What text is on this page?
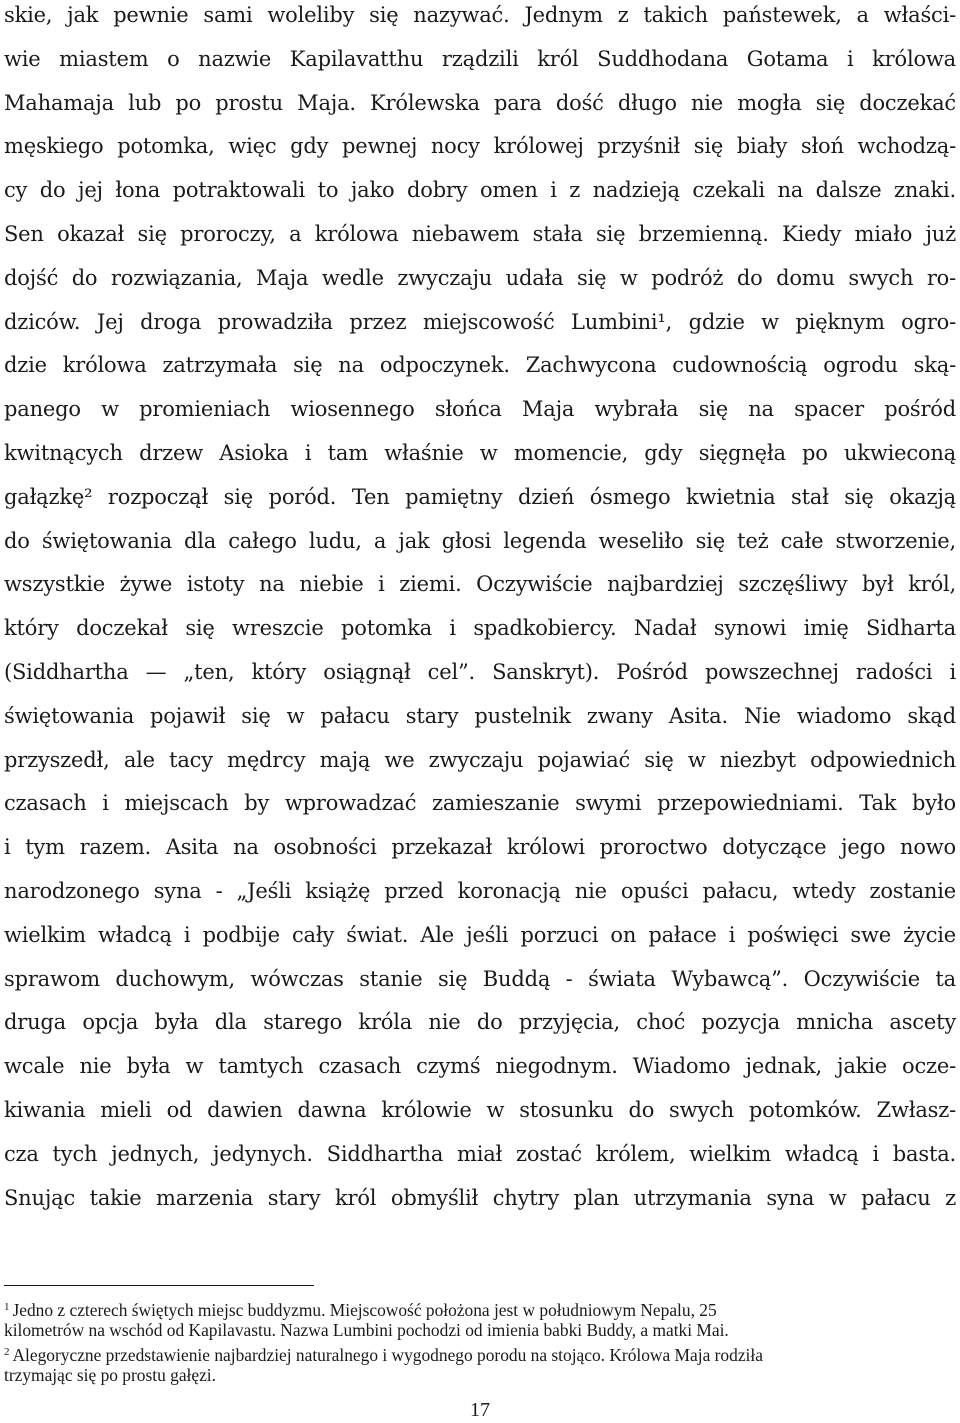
skie, jak pewnie sami woleliby się nazywać. Jednym z takich państewek, a właści-
wie miastem o nazwie Kapilavatthu rządzili król Suddhodana Gotama i królowa
Mahamaja lub po prostu Maja. Królewska para dość długo nie mogła się doczekać
męskiego potomka, więc gdy pewnej nocy królowej przyśnił się biały słoń wchodzą-
cy do jej łona potraktowali to jako dobry omen i z nadzieją czekali na dalsze znaki.
Sen okazał się proroczy, a królowa niebawem stała się brzemienną. Kiedy miało już
dojść do rozwiązania, Maja wedle zwyczaju udała się w podróż do domu swych ro-
dziców. Jej droga prowadziła przez miejscowość Lumbini¹, gdzie w pięknym ogro-
dzie królowa zatrzymała się na odpoczynek. Zachwycona cudownością ogrodu ską-
panego w promieniach wiosennego słońca Maja wybrała się na spacer pośród
kwitnących drzew Asioka i tam właśnie w momencie, gdy sięgnęła po ukwieconą
gałązkę² rozpoczął się poród. Ten pamiętny dzień ósmego kwietnia stał się okazją
do świętowania dla całego ludu, a jak głosi legenda weseliło się też całe stworzenie,
wszystkie żywe istoty na niebie i ziemi. Oczywiście najbardziej szczęśliwy był król,
który doczekał się wreszcie potomka i spadkobiercy. Nadał synowi imię Sidharta
(Siddhartha — „ten, który osiągnął cel”. Sanskryt). Pośród powszechnej radości i
świętowania pojawił się w pałacu stary pustelnik zwany Asita. Nie wiadomo skąd
przyszedł, ale tacy mędrcy mają we zwyczaju pojawiać się w niezbyt odpowiednich
czasach i miejscach by wprowadzać zamieszanie swymi przepowiedniami. Tak było
i tym razem. Asita na osobności przekazał królowi proroctwo dotyczące jego nowo
narodzonego syna - „Jeśli książę przed koronacją nie opuści pałacu, wtedy zostanie
wielkim władcą i podbije cały świat. Ale jeśli porzuci on pałace i poświęci swe życie
sprawom duchowym, wówczas stanie się Buddą - świata Wybawcą”. Oczywiście ta
druga opcja była dla starego króla nie do przyjęcia, choć pozycja mnicha ascety
wcale nie była w tamtych czasach czymś niegodnym. Wiadomo jednak, jakie ocze-
kiwania mieli od dawien dawna królowie w stosunku do swych potomków. Zwłasz-
cza tych jednych, jedynych. Siddhartha miał zostać królem, wielkim władcą i basta.
Snując takie marzenia stary król obmyślił chytry plan utrzymania syna w pałacu z
$^1$ Jedno z czterech świętych miejsc buddyzmu. Miejscowość położona jest w południowym Nepalu, 25
kilometrów na wschód od Kapilavastu. Nazwa Lumbini pochodzi od imienia babki Buddy, a matki Mai.
$^2$ Alegoryczne przedstawienie najbardziej naturalnego i wygodnego porodu na stojąco. Królowa Maja rodziła
trzymając się po prostu gałęzi.
17
